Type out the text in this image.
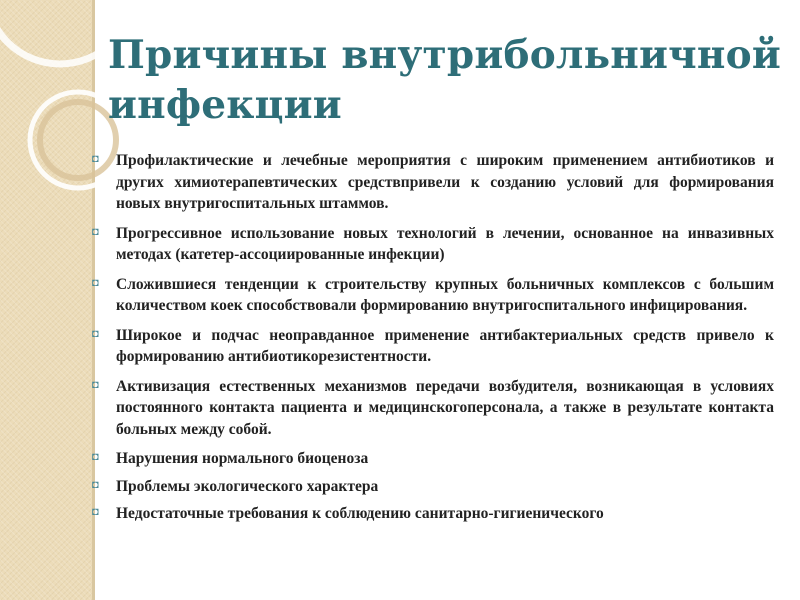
Причины внутрибольничной инфекции
◘ Профилактические и лечебные мероприятия с широким применением антибиотиков и других химиотерапевтических средствпривели к созданию условий для формирования новых внутригоспитальных штаммов.
◘ Прогрессивное использование новых технологий в лечении, основанное на инвазивных методах (катетер-ассоциированные инфекции)
◘ Сложившиеся тенденции к строительству крупных больничных комплексов с большим количеством коек способствовали формированию внутригоспитального инфицирования.
◘ Широкое и подчас неоправданное применение антибактериальных средств привело к формированию антибиотикорезистентности.
◘ Активизация естественных механизмов передачи возбудителя, возникающая в условиях постоянного контакта пациента и медицинскогоперсонала, а также в результате контакта больных между собой.
◘ Нарушения нормального биоценоза
◘ Проблемы экологического характера
◘ Недостаточные требования к соблюдению санитарно-гигиенического
